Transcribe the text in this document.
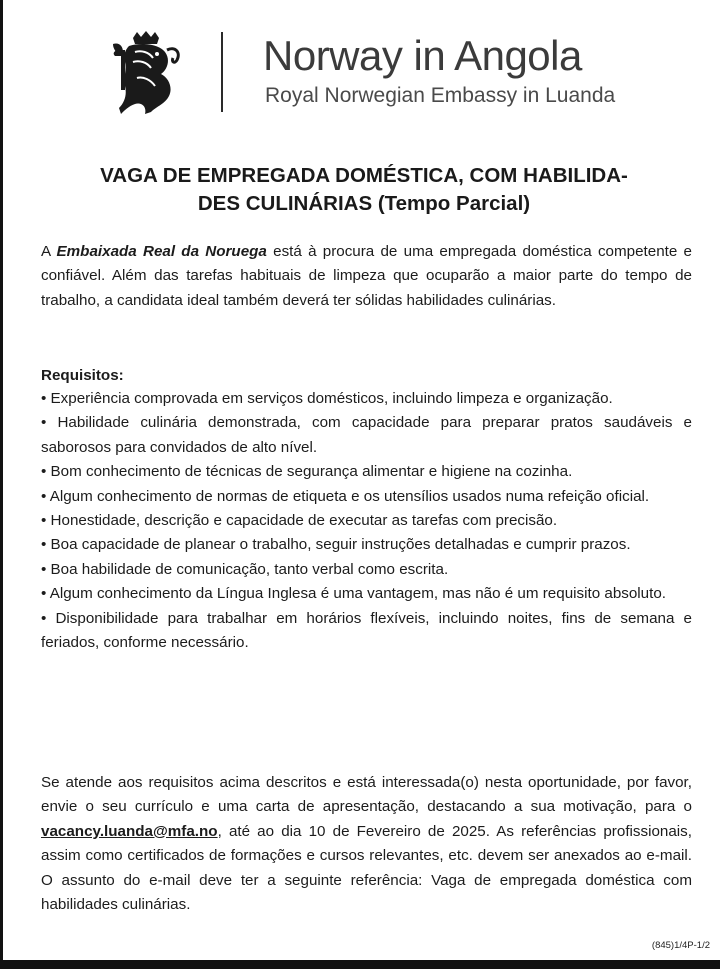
Norway in Angola
Royal Norwegian Embassy in Luanda
VAGA DE EMPREGADA DOMÉSTICA, COM HABILIDA-
DES CULINÁRIAS (Tempo Parcial)

A Embaixada Real da Noruega está à procura de uma empregada doméstica competente e confiável. Além das tarefas habituais de limpeza que ocuparão a maior parte do tempo de trabalho, a candidata ideal também deverá ter sólidas habilidades culinárias.

Requisitos:
• Experiência comprovada em serviços domésticos, incluindo limpeza e organização.
• Habilidade culinária demonstrada, com capacidade para preparar pratos saudáveis e saborosos para convidados de alto nível.
• Bom conhecimento de técnicas de segurança alimentar e higiene na cozinha.
• Algum conhecimento de normas de etiqueta e os utensílios usados numa refeição oficial.
• Honestidade, descrição e capacidade de executar as tarefas com precisão.
• Boa capacidade de planear o trabalho, seguir instruções detalhadas e cumprir prazos.
• Boa habilidade de comunicação, tanto verbal como escrita.
• Algum conhecimento da Língua Inglesa é uma vantagem, mas não é um requisito absoluto.
• Disponibilidade para trabalhar em horários flexíveis, incluindo noites, fins de semana e feriados, conforme necessário.

Se atende aos requisitos acima descritos e está interessada(o) nesta oportunidade, por favor, envie o seu currículo e uma carta de apresentação, destacando a sua motivação, para o vacancy.luanda@mfa.no, até ao dia 10 de Fevereiro de 2025. As referências profissionais, assim como certificados de formações e cursos relevantes, etc. devem ser anexados ao e-mail. O assunto do e-mail deve ter a seguinte referência: Vaga de empregada doméstica com habilidades culinárias.

(845)1/4P-1/2
